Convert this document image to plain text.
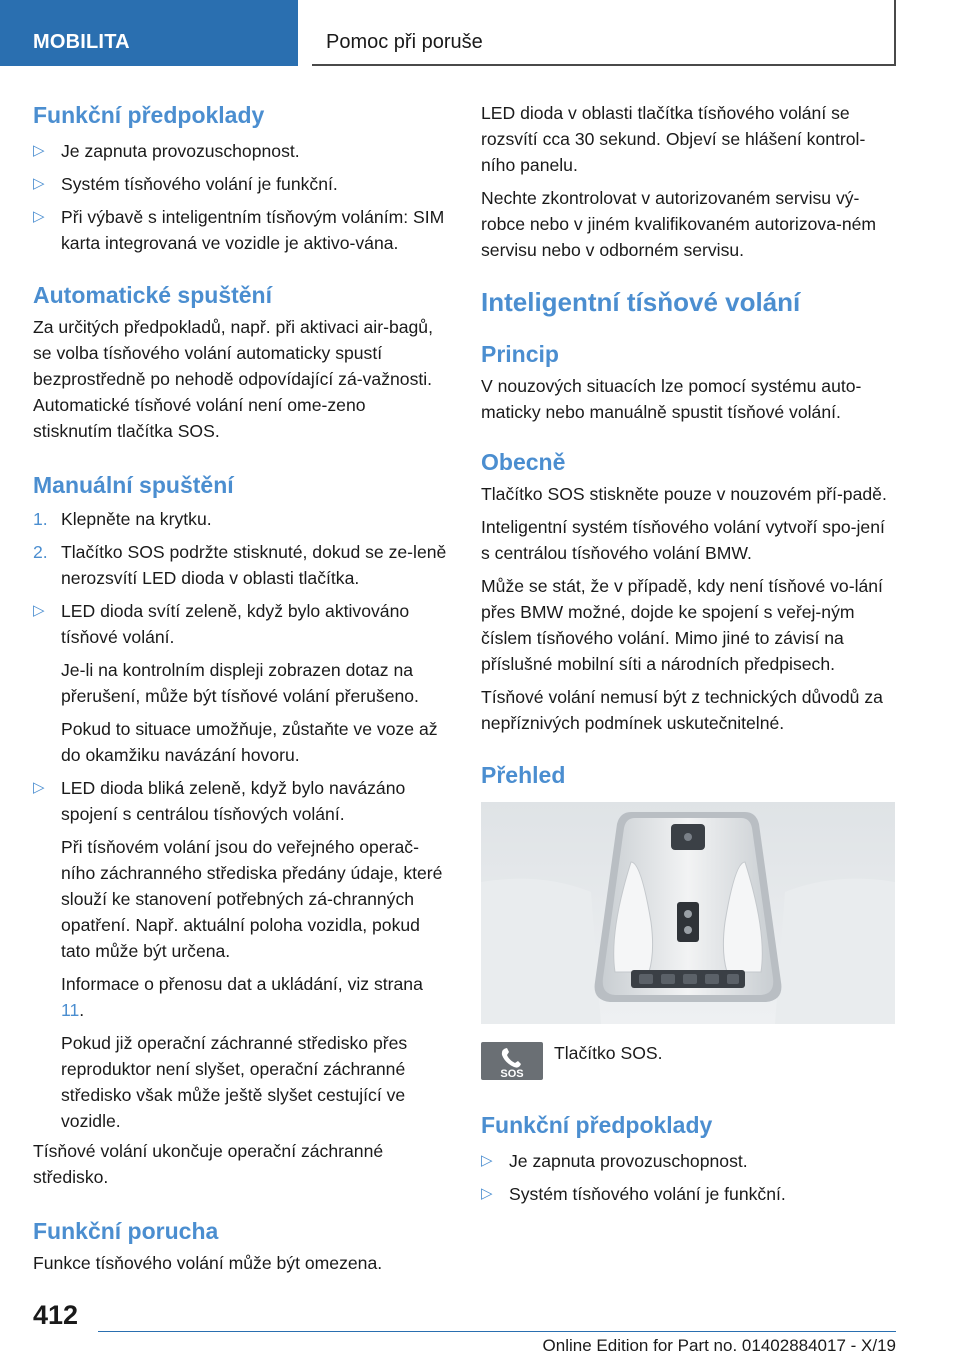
MOBILITA	Pomoc při poruše
Funkční předpoklady
▷ Je zapnuta provozuschopnost.
▷ Systém tísňového volání je funkční.
▷ Při výbavě s inteligentním tísňovým voláním: SIM karta integrovaná ve vozidle je aktivo-vána.
Automatické spuštění

Za určitých předpokladů, např. při aktivaci air-bagů, se volba tísňového volání automaticky spustí bezprostředně po nehodě odpovídající zá-važnosti. Automatické tísňové volání není ome-zeno stisknutím tlačítka SOS.

Manuální spuštění
1. Klepněte na krytku.
2. Tlačítko SOS podržte stisknuté, dokud se ze-leně nerozsvítí LED dioda v oblasti tlačítka.
▷ LED dioda svítí zeleně, když bylo aktivováno tísňové volání.
Je-li na kontrolním displeji zobrazen dotaz na přerušení, může být tísňové volání přerušeno.
Pokud to situace umožňuje, zůstaňte ve voze až do okamžiku navázání hovoru.
▷ LED dioda bliká zeleně, když bylo navázáno spojení s centrálou tísňových volání.
Při tísňovém volání jsou do veřejného operač-ního záchranného střediska předány údaje, které slouží ke stanovení potřebných zá-chranných opatření. Např. aktuální poloha vozidla, pokud tato může být určena.
Informace o přenosu dat a ukládání, viz strana 11.
Pokud již operační záchranné středisko přes reproduktor není slyšet, operační záchranné středisko však může ještě slyšet cestující ve vozidle.

Tísňové volání ukončuje operační záchranné středisko.

Funkční porucha

Funkce tísňového volání může být omezena.

LED dioda v oblasti tlačítka tísňového volání se rozsvítí cca 30 sekund. Objeví se hlášení kontrol-ního panelu.

Nechte zkontrolovat v autorizovaném servisu vý-robce nebo v jiném kvalifikovaném autorizova-ném servisu nebo v odborném servisu.

Inteligentní tísňové volání
Princip

V nouzových situacích lze pomocí systému auto-maticky nebo manuálně spustit tísňové volání.

Obecně

Tlačítko SOS stiskněte pouze v nouzovém pří-padě.

Inteligentní systém tísňového volání vytvoří spo-jení s centrálou tísňového volání BMW.

Může se stát, že v případě, kdy není tísňové vo-lání přes BMW možné, dojde ke spojení s veřej-ným číslem tísňového volání. Mimo jiné to závisí na příslušné mobilní síti a národních předpisech.

Tísňové volání nemusí být z technických důvodů za nepříznivých podmínek uskutečnitelné.

Přehled
SOS

Tlačítko SOS.

Funkční předpoklady
▷ Je zapnuta provozuschopnost.
▷ Systém tísňového volání je funkční.
412
Online Edition for Part no. 01402884017 - X/19
